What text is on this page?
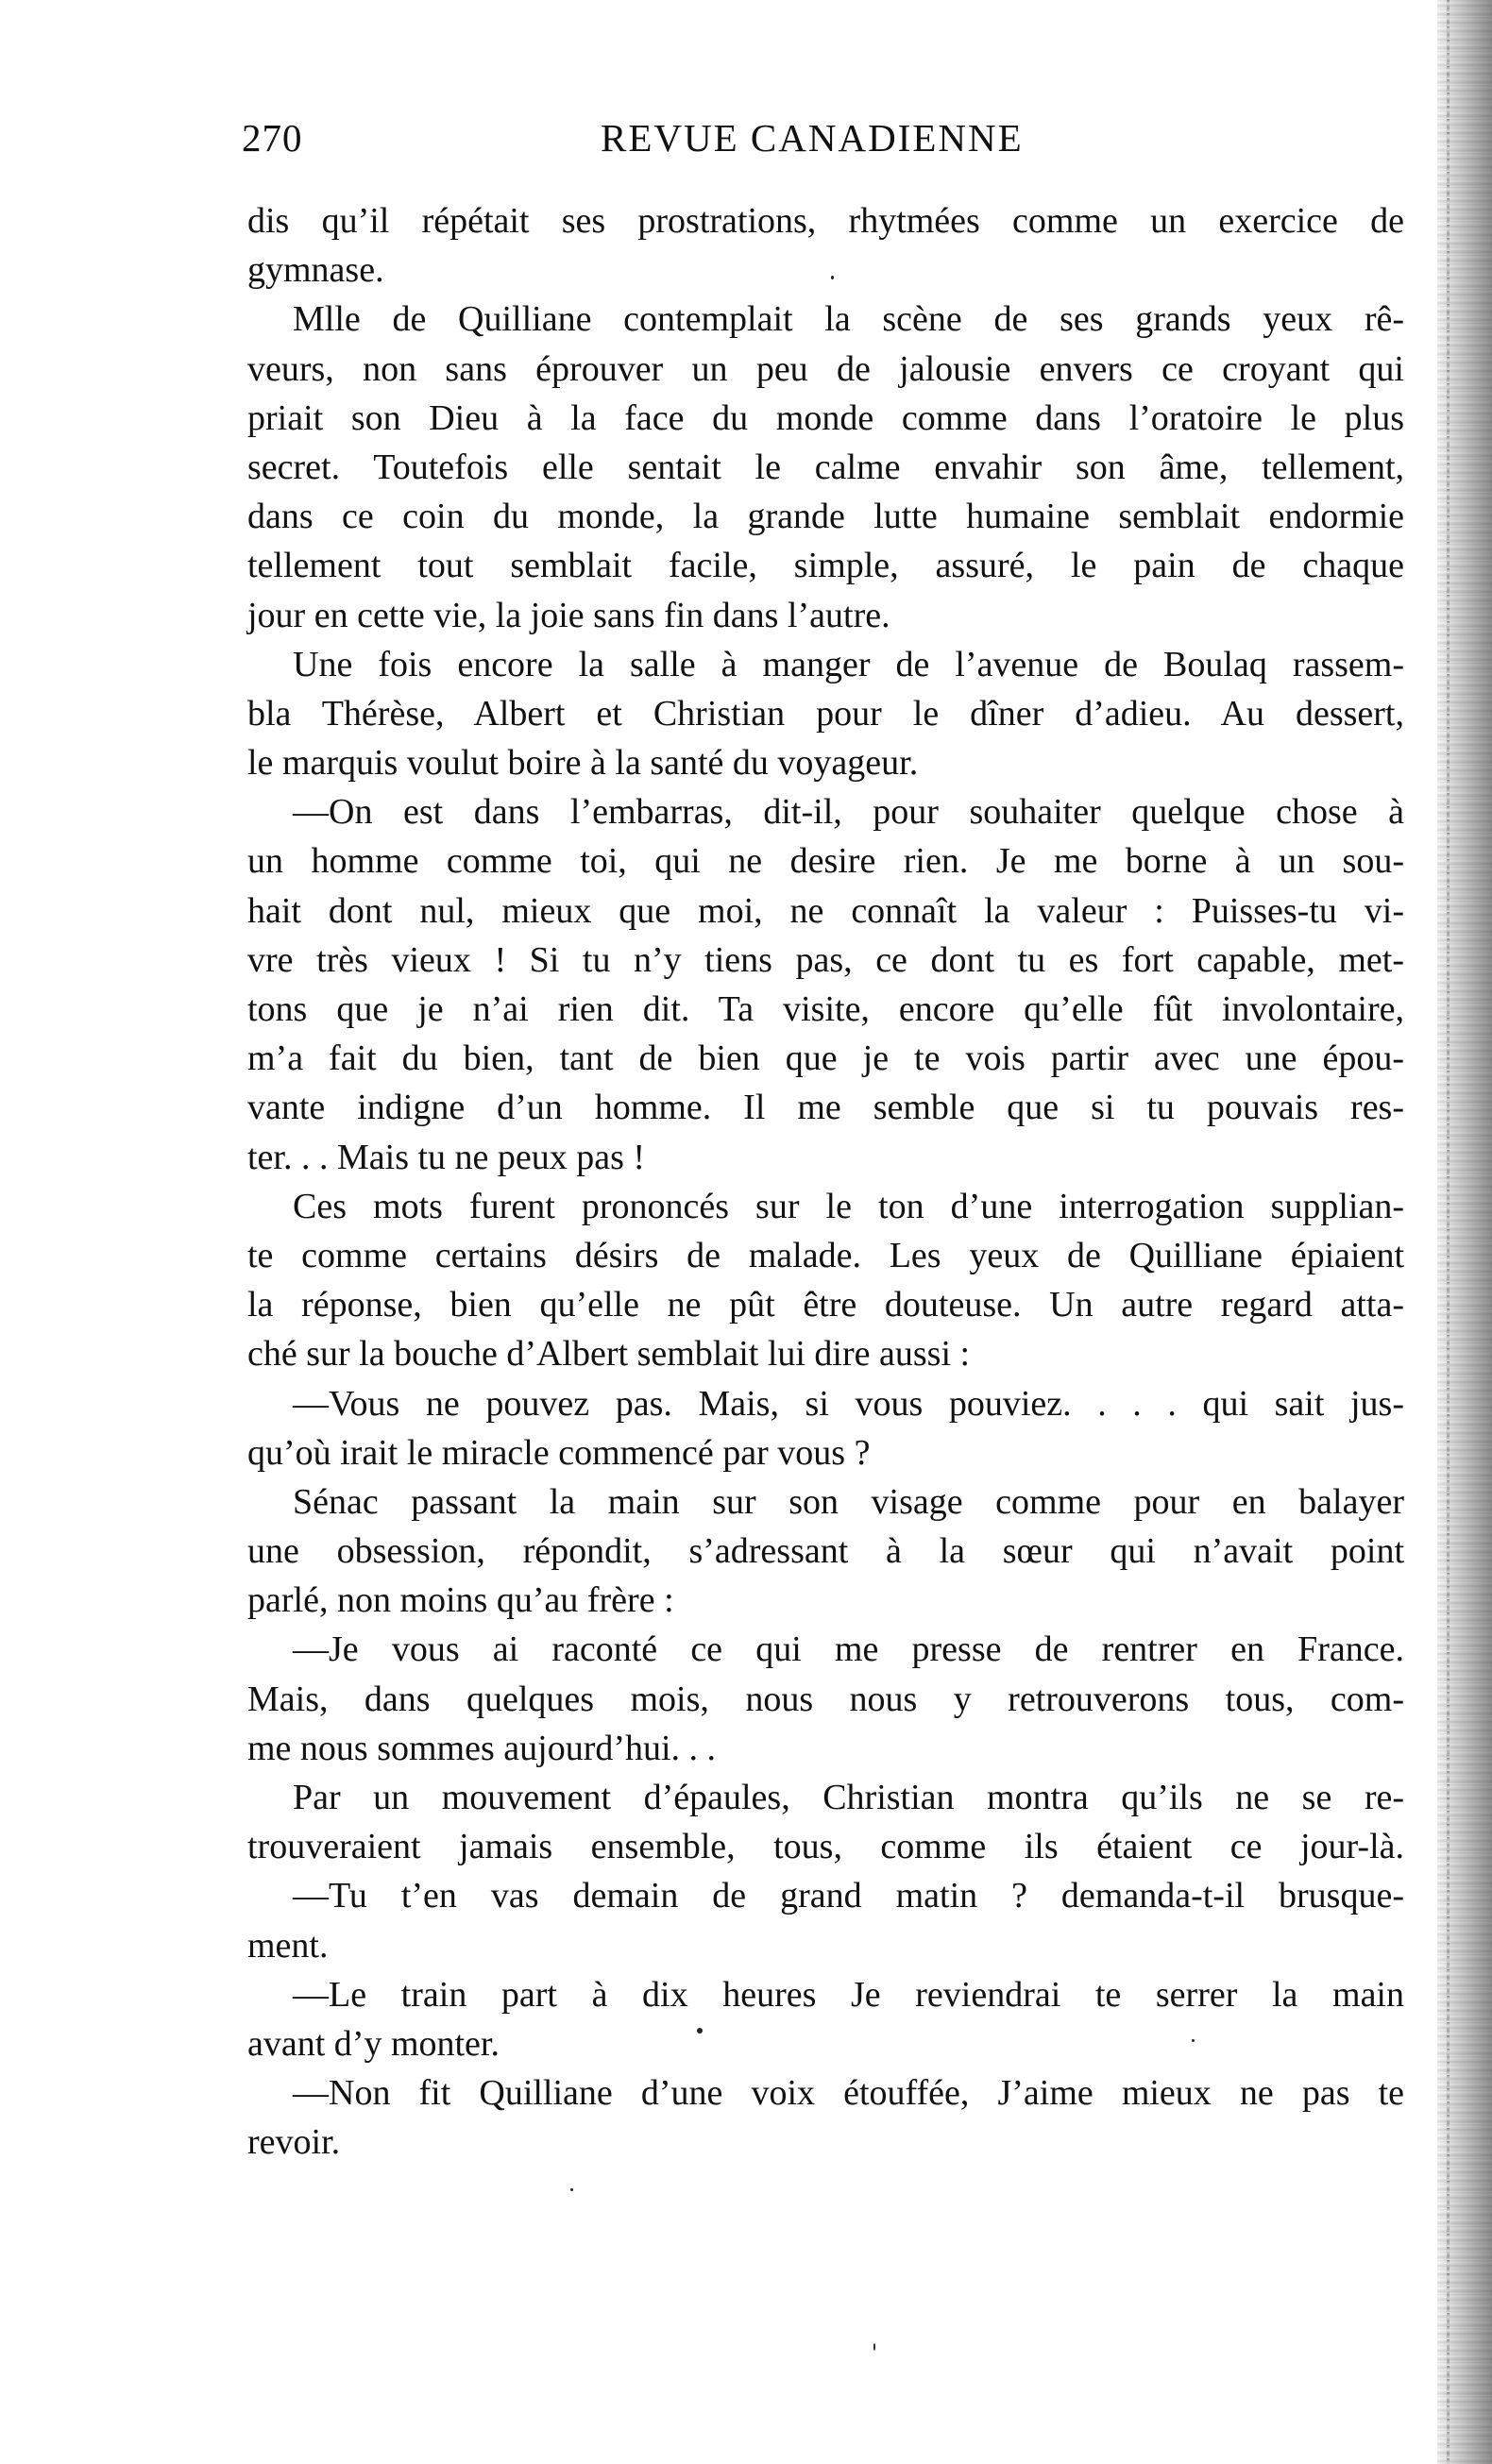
270	REVUE CANADIENNE
dis qu’il répétait ses prostrations, rhytmées comme un exercice de
gymnase.
Mlle de Quilliane contemplait la scène de ses grands yeux rê-
veurs, non sans éprouver un peu de jalousie envers ce croyant qui
priait son Dieu à la face du monde comme dans l’oratoire le plus
secret. Toutefois elle sentait le calme envahir son âme, tellement,
dans ce coin du monde, la grande lutte humaine semblait endormie
tellement tout semblait facile, simple, assuré, le pain de chaque
jour en cette vie, la joie sans fin dans l’autre.
Une fois encore la salle à manger de l’avenue de Boulaq rassem-
bla Thérèse, Albert et Christian pour le dîner d’adieu. Au dessert,
le marquis voulut boire à la santé du voyageur.
—On est dans l’embarras, dit-il, pour souhaiter quelque chose à
un homme comme toi, qui ne desire rien. Je me borne à un sou-
hait dont nul, mieux que moi, ne connaît la valeur : Puisses-tu vi-
vre très vieux ! Si tu n’y tiens pas, ce dont tu es fort capable, met-
tons que je n’ai rien dit. Ta visite, encore qu’elle fût involontaire,
m’a fait du bien, tant de bien que je te vois partir avec une épou-
vante indigne d’un homme. Il me semble que si tu pouvais res-
ter. . . Mais tu ne peux pas !
Ces mots furent prononcés sur le ton d’une interrogation supplian-
te comme certains désirs de malade. Les yeux de Quilliane épiaient
la réponse, bien qu’elle ne pût être douteuse. Un autre regard atta-
ché sur la bouche d’Albert semblait lui dire aussi :
—Vous ne pouvez pas. Mais, si vous pouviez. . . . qui sait jus-
qu’où irait le miracle commencé par vous ?
Sénac passant la main sur son visage comme pour en balayer
une obsession, répondit, s’adressant à la sœur qui n’avait point
parlé, non moins qu’au frère :
—Je vous ai raconté ce qui me presse de rentrer en France.
Mais, dans quelques mois, nous nous y retrouverons tous, com-
me nous sommes aujourd’hui. . .
Par un mouvement d’épaules, Christian montra qu’ils ne se re-
trouveraient jamais ensemble, tous, comme ils étaient ce jour-là.
—Tu t’en vas demain de grand matin ? demanda-t-il brusque-
ment.
—Le train part à dix heures Je reviendrai te serrer la main
avant d’y monter.
—Non fit Quilliane d’une voix étouffée, J’aime mieux ne pas te
revoir.
